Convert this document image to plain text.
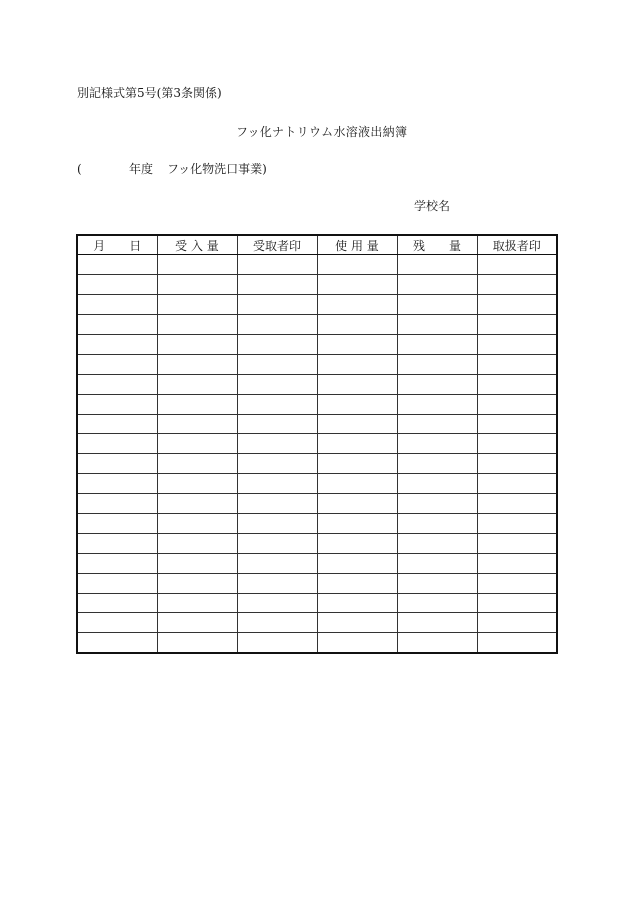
別記様式第5号(第3条関係)
フッ化ナトリウム水溶液出納簿
(	年度 フッ化物洗口事業)
学校名
月　　日	受 入 量	受取者印	使 用 量	残　　量	取扱者印
